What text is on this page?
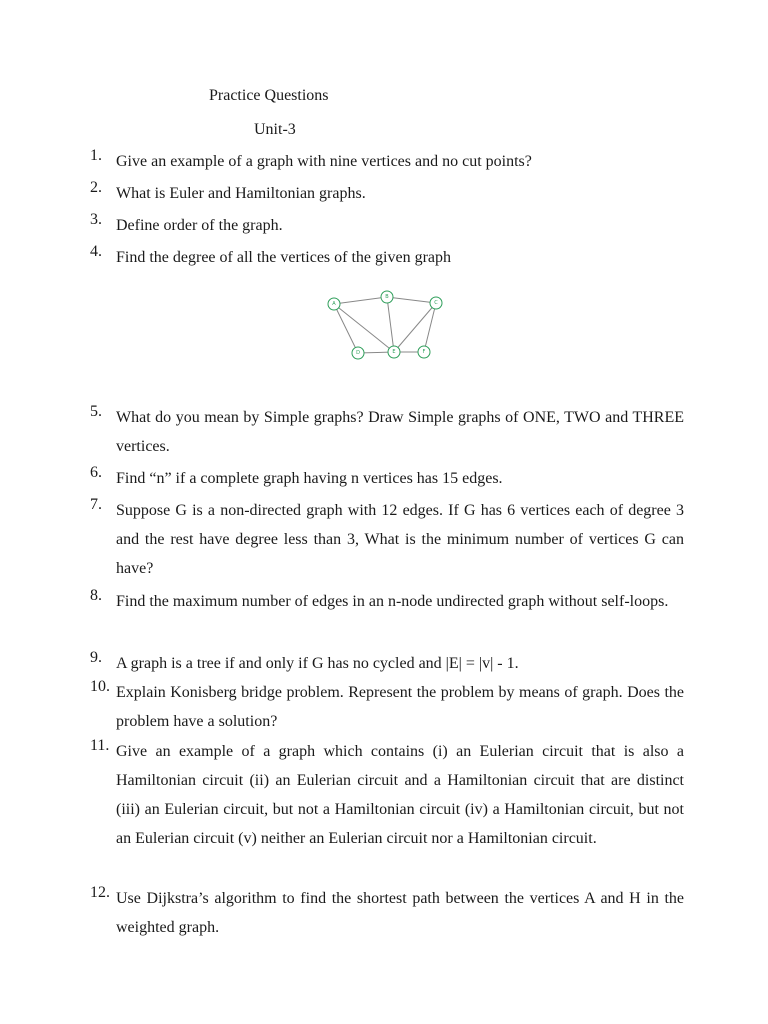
Practice Questions
Unit-3
1. Give an example of a graph with nine vertices and no cut points?
2. What is Euler and Hamiltonian graphs.
3. Define order of the graph.
4. Find the degree of all the vertices of the given graph
A
B
C
D	E	F
5. What do you mean by Simple graphs? Draw Simple graphs of ONE, TWO and THREE vertices.
6. Find “n” if a complete graph having n vertices has 15 edges.
7. Suppose G is a non-directed graph with 12 edges. If G has 6 vertices each of degree 3 and the rest have degree less than 3, What is the minimum number of vertices G can have?
8. Find the maximum number of edges in an n-node undirected graph without self-loops.
9. A graph is a tree if and only if G has no cycled and |E| = |v| - 1.
10. Explain Konisberg bridge problem. Represent the problem by means of graph. Does the problem have a solution?
11. Give an example of a graph which contains (i) an Eulerian circuit that is also a Hamiltonian circuit (ii) an Eulerian circuit and a Hamiltonian circuit that are distinct (iii) an Eulerian circuit, but not a Hamiltonian circuit (iv) a Hamiltonian circuit, but not an Eulerian circuit (v) neither an Eulerian circuit nor a Hamiltonian circuit.
12. Use Dijkstra’s algorithm to find the shortest path between the vertices A and H in the weighted graph.
